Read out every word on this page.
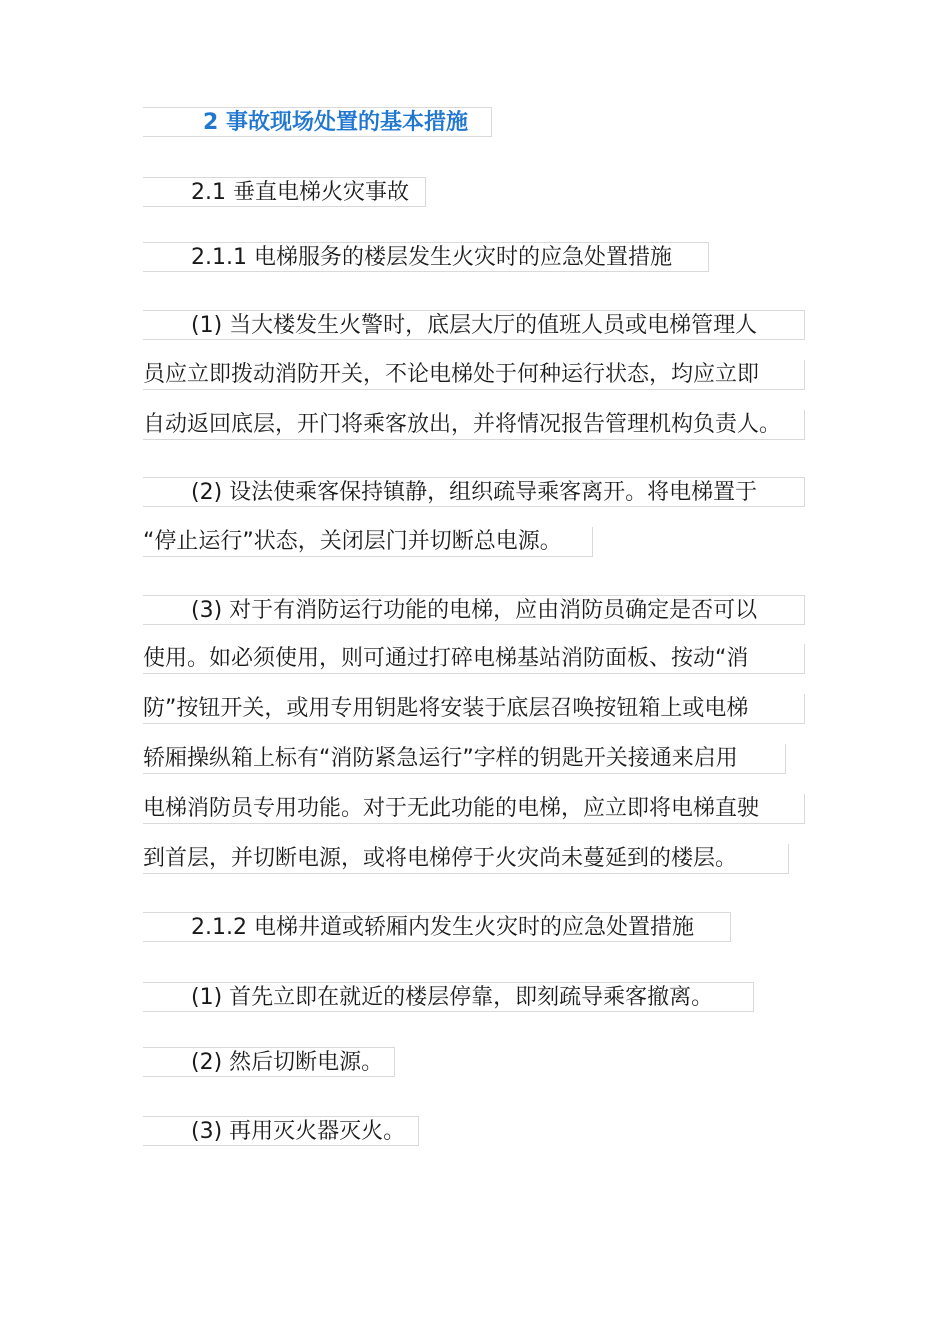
2 事故现场处置的基本措施
2.1 垂直电梯火灾事故
2.1.1 电梯服务的楼层发生火灾时的应急处置措施
(1) 当大楼发生火警时，底层大厅的值班人员或电梯管理人
员应立即拨动消防开关，不论电梯处于何种运行状态，均应立即
自动返回底层，开门将乘客放出，并将情况报告管理机构负责人。
(2) 设法使乘客保持镇静，组织疏导乘客离开。将电梯置于
“停止运行”状态，关闭层门并切断总电源。
(3) 对于有消防运行功能的电梯，应由消防员确定是否可以
使用。如必须使用，则可通过打碎电梯基站消防面板、按动“消
防”按钮开关，或用专用钥匙将安装于底层召唤按钮箱上或电梯
轿厢操纵箱上标有“消防紧急运行”字样的钥匙开关接通来启用
电梯消防员专用功能。对于无此功能的电梯，应立即将电梯直驶
到首层，并切断电源，或将电梯停于火灾尚未蔓延到的楼层。
2.1.2 电梯井道或轿厢内发生火灾时的应急处置措施
(1) 首先立即在就近的楼层停靠，即刻疏导乘客撤离。
(2) 然后切断电源。
(3) 再用灭火器灭火。
